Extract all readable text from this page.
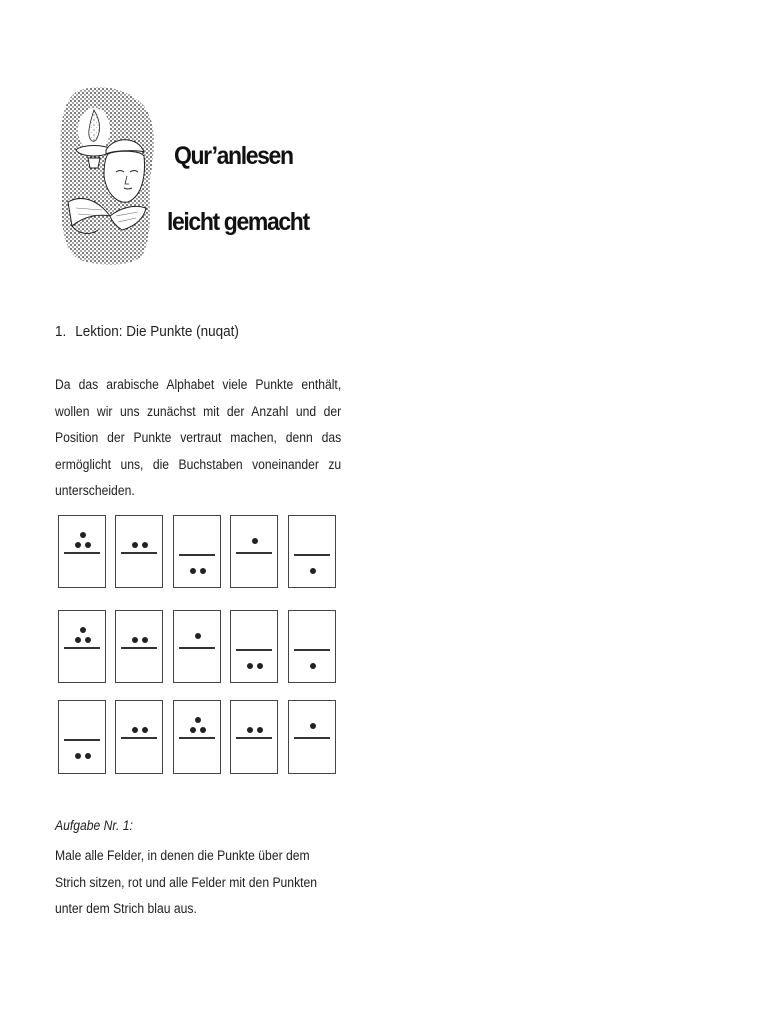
Qur’anlesen
leicht gemacht
1. Lektion: Die Punkte (nuqat)
Da das arabische Alphabet viele Punkte enthält, wollen wir uns zunächst mit der Anzahl und der Position der Punkte vertraut machen, denn das ermöglicht uns, die Buchstaben voneinander zu unterscheiden.
Aufgabe Nr. 1:
Male alle Felder, in denen die Punkte über dem Strich sitzen, rot und alle Felder mit den Punkten unter dem Strich blau aus.
